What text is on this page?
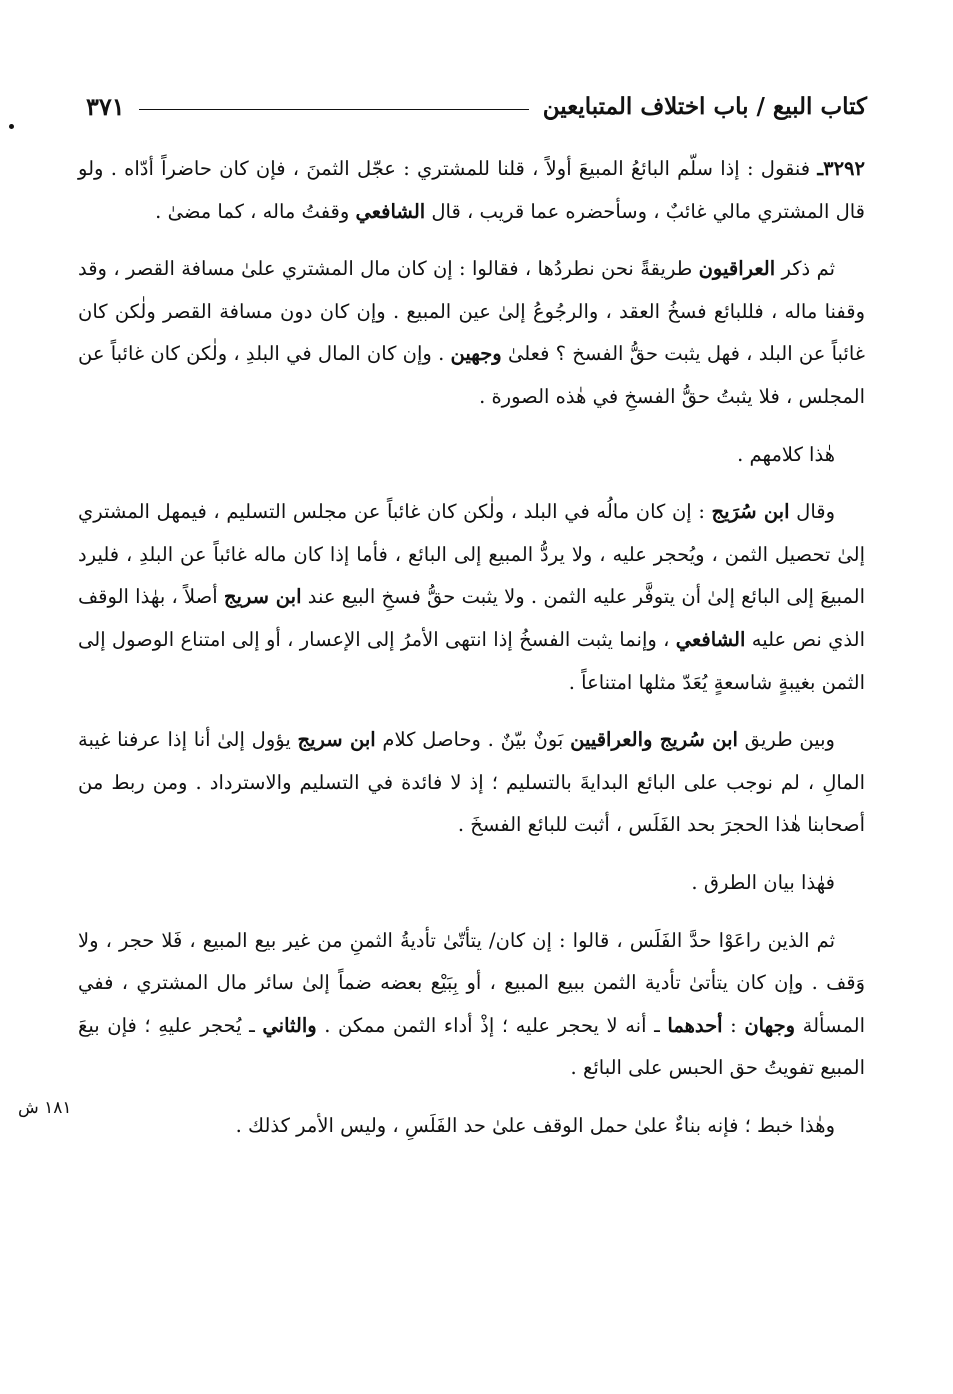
كتاب البيع / باب اختلاف المتبايعين
٣٧١
١٨١ ش

٣٢٩٢ـ فنقول : إذا سلّم البائعُ المبيعَ أولاً ، قلنا للمشتري : عجّل الثمنَ ، فإن كان حاضراً أدّاه . ولو قال المشتري مالي غائبٌ ، وسأحضره عما قريب ، قال الشافعي وقفتُ ماله ، كما مضىٰ .

ثم ذكر العراقيون طريقةً نحن نطردُها ، فقالوا : إن كان مال المشتري علىٰ مسافة القصر ، وقد وقفنا ماله ، فللبائع فسخُ العقد ، والرجُوعُ إلىٰ عين المبيع . وإن كان دون مسافة القصر ولٰكن كان غائباً عن البلد ، فهل يثبت حقُّ الفسخ ؟ فعلىٰ وجهين . وإن كان المال في البلدِ ، ولٰكن كان غائباً عن المجلس ، فلا يثبتُ حقُّ الفسخِ في هٰذه الصورة .

هٰذا كلامهم .

وقال ابن سُرَيج : إن كان مالُه في البلد ، ولٰكن كان غائباً عن مجلس التسليم ، فيمهل المشتري إلىٰ تحصيل الثمن ، ويُحجر عليه ، ولا يردُّ المبيع إلى البائع ، فأما إذا كان ماله غائباً عن البلدِ ، فليرد المبيعَ إلى البائع إلىٰ أن يتوفَّر عليه الثمن . ولا يثبت حقُّ فسخِ البيع عند ابن سريج أصلاً ، بهٰذا الوقف الذي نص عليه الشافعي ، وإنما يثبت الفسخُ إذا انتهى الأمرُ إلى الإعسار ، أو إلى امتناع الوصول إلى الثمن بغيبةٍ شاسعةٍ يُعَدّ مثلها امتناعاً .

وبين طريق ابن سُريج والعراقيين بَونٌ بيّنٌ . وحاصل كلام ابن سريج يؤول إلىٰ أنا إذا عرفنا غيبة المالِ ، لم نوجب على البائع البدايةَ بالتسليم ؛ إذ لا فائدة في التسليم والاسترداد . ومن ربط من أصحابنا هٰذا الحجرَ بحد الفَلَس ، أثبت للبائع الفسخَ .

فهٰذا بيان الطرق .

ثم الذين راعَوْا حدَّ الفَلَس ، قالوا : إن كان/ يتأتّىٰ تأديةُ الثمنِ من غير بيع المبيع ، فَلا حجر ، ولا وَقف . وإن كان يتأتىٰ تأدية الثمن ببيع المبيع ، أو بِبَيْع بعضه ضماً إلىٰ سائر مال المشتري ، ففي المسألة وجهان : أحدهما ـ أنه لا يحجر عليه ؛ إذْ أداء الثمن ممكن . والثاني ـ يُحجر عليهِ ؛ فإن بيعَ المبيع تفويتُ حق الحبس على البائع .

وهٰذا خبط ؛ فإنه بناءٌ علىٰ حمل الوقف علىٰ حد الفَلَسِ ، وليس الأمر كذلك .
